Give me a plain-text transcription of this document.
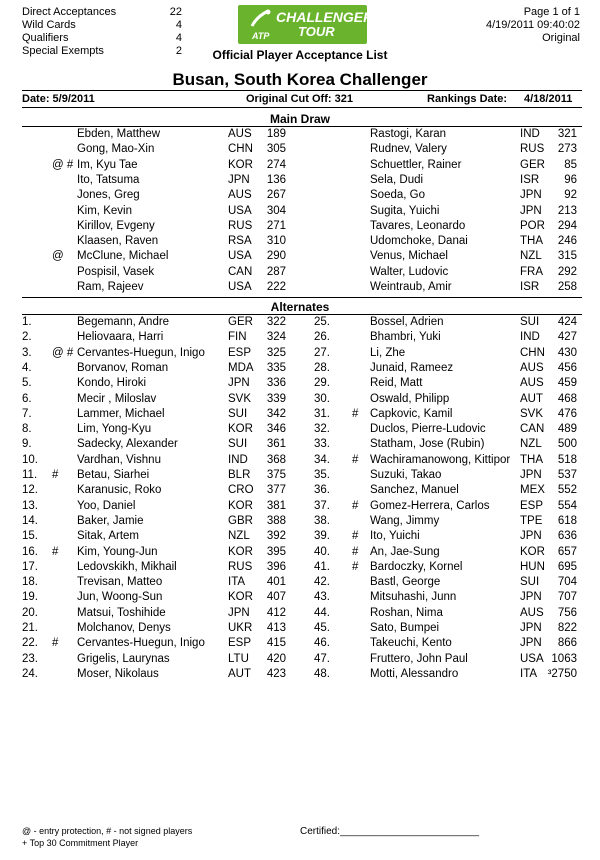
Direct Acceptances	22
Wild Cards	4
Qualifiers	4
Special Exempts	2
CHALLENGER
TOUR
ATP
Page 1 of 1
4/19/2011 09:40:02
Original
Official Player Acceptance List
Busan, South Korea Challenger
Date: 5/9/2011	Original Cut Off: 321	Rankings Date: 4/18/2011
Main Draw
Ebden, Matthew	AUS 189
Gong, Mao-Xin	CHN 305
@ # Im, Kyu Tae	KOR 274
Ito, Tatsuma	JPN 136
Jones, Greg	AUS 267
Kim, Kevin	USA 304
Kirillov, Evgeny	RUS 271
Klaasen, Raven	RSA 310
@ McClune, Michael	USA 290
Pospisil, Vasek	CAN 287
Ram, Rajeev	USA 222
Rastogi, Karan	IND 321
Rudnev, Valery	RUS 273
Schuettler, Rainer	GER 85
Sela, Dudi	ISR 96
Soeda, Go	JPN 92
Sugita, Yuichi	JPN 213
Tavares, Leonardo	POR 294
Udomchoke, Danai	THA 246
Venus, Michael	NZL 315
Walter, Ludovic	FRA 292
Weintraub, Amir	ISR 258
Alternates
1.	Begemann, Andre	GER 322
2.	Heliovaara, Harri	FIN 324
3. @ # Cervantes-Huegun, Inigo ESP 325
4.	Borvanov, Roman	MDA 335
5.	Kondo, Hiroki	JPN 336
6.	Mecir , Miloslav	SVK 339
7.	Lammer, Michael	SUI 342
8.	Lim, Yong-Kyu	KOR 346
9.	Sadecky, Alexander	SUI 361
10.	Vardhan, Vishnu	IND 368
11. # Betau, Siarhei	BLR 375
12.	Karanusic, Roko	CRO 377
13.	Yoo, Daniel	KOR 381
14.	Baker, Jamie	GBR 388
15.	Sitak, Artem	NZL 392
16. # Kim, Young-Jun	KOR 395
17.	Ledovskikh, Mikhail	RUS 396
18.	Trevisan, Matteo	ITA 401
19.	Jun, Woong-Sun	KOR 407
20.	Matsui, Toshihide	JPN 412
21.	Molchanov, Denys	UKR 413
22. # Cervantes-Huegun, Inigo ESP 415
23.	Grigelis, Laurynas	LTU 420
24.	Moser, Nikolaus	AUT 423
25.	Bossel, Adrien	SUI 424
26.	Bhambri, Yuki	IND 427
27.	Li, Zhe	CHN 430
28.	Junaid, Rameez	AUS 456
29.	Reid, Matt	AUS 459
30.	Oswald, Philipp	AUT 468
31. # Capkovic, Kamil	SVK 476
32.	Duclos, Pierre-Ludovic	CAN 489
33.	Statham, Jose (Rubin)	NZL 500
34. # Wachiramanowong, Kittipor THA 518
35.	Suzuki, Takao	JPN 537
36.	Sanchez, Manuel	MEX 552
37. # Gomez-Herrera, Carlos	ESP 554
38.	Wang, Jimmy	TPE 618
39. # Ito, Yuichi	JPN 636
40. # An, Jae-Sung	KOR 657
41. # Bardoczky, Kornel	HUN 695
42.	Bastl, George	SUI 704
43.	Mitsuhashi, Junn	JPN 707
44.	Roshan, Nima	AUS 756
45.	Sato, Bumpei	JPN 822
46.	Takeuchi, Kento	JPN 866
47.	Fruttero, John Paul	USA 1063
48.	Motti, Alessandro	ITA ³2750
@ - entry protection, # - not signed players
+ Top 30 Commitment Player
Certified:_________________________
